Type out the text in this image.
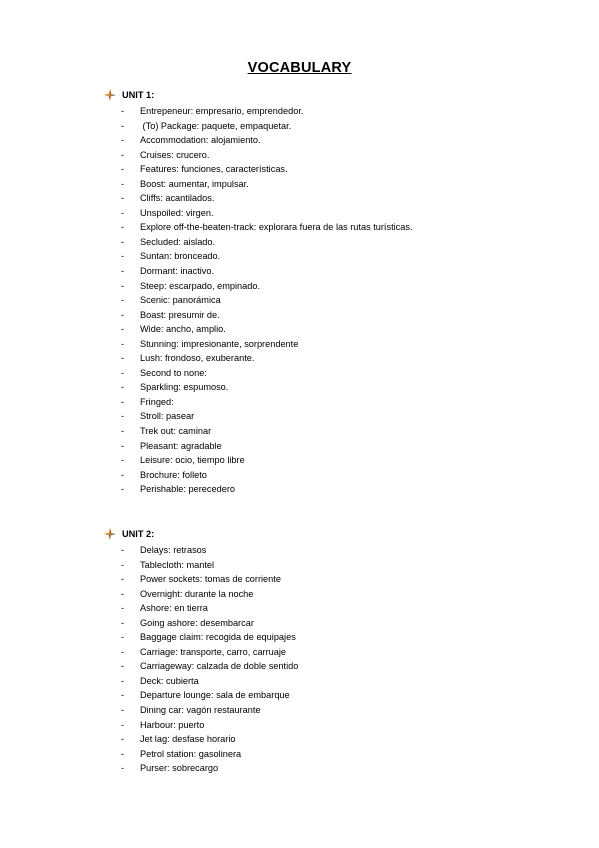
VOCABULARY
UNIT 1:
-	Entrepeneur: empresario, emprendedor.
-	(To) Package: paquete, empaquetar.
-	Accommodation: alojamiento.
-	Cruises: crucero.
-	Features: funciones, características.
-	Boost: aumentar, impulsar.
-	Cliffs: acantilados.
-	Unspoiled: virgen.
-	Explore off-the-beaten-track: explorara fuera de las rutas turísticas.
-	Secluded: aislado.
-	Suntan: bronceado.
-	Dormant: inactivo.
-	Steep: escarpado, empinado.
-	Scenic: panorámica
-	Boast: presumir de.
-	Wide: ancho, amplio.
-	Stunning: impresionante, sorprendente
-	Lush: frondoso, exuberante.
-	Second to none:
-	Sparkling: espumoso.
-	Fringed:
-	Stroll: pasear
-	Trek out: caminar
-	Pleasant: agradable
-	Leisure: ocio, tiempo libre
-	Brochure: folleto
-	Perishable: perecedero
UNIT 2:
-	Delays: retrasos
-	Tablecloth: mantel
-	Power sockets: tomas de corriente
-	Overnight: durante la noche
-	Ashore: en tierra
-	Going ashore: desembarcar
-	Baggage claim: recogida de equipajes
-	Carriage: transporte, carro, carruaje
-	Carriageway: calzada de doble sentido
-	Deck: cubierta
-	Departure lounge: sala de embarque
-	Dining car: vagón restaurante
-	Harbour: puerto
-	Jet lag: desfase horario
-	Petrol station: gasolinera
-	Purser: sobrecargo
